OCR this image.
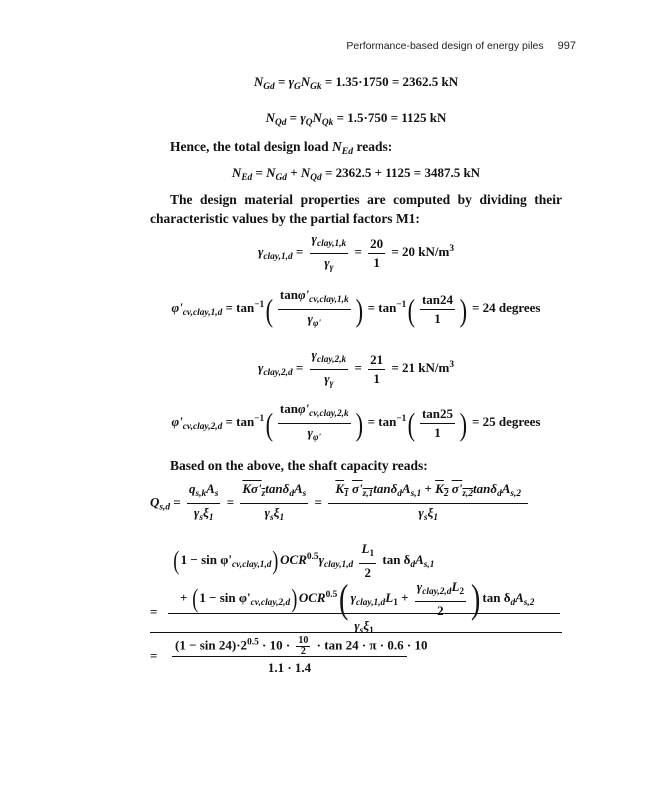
Performance-based design of energy piles 997
$N_{Gd} = \gamma_GN_{Gk} = 1.35\cdot 1750 = 2362.5$ kN
$N_{Qd} = \gamma_QN_{Qk} = 1.5\cdot 750 = 1125$ kN
Hence, the total design load $N_{Ed}$ reads:
$N_{Ed} = N_{Gd} + N_{Qd} = 2362.5 + 1125 = 3487.5$ kN
The design material properties are computed by dividing their characteristic values by the partial factors M1:
$\gamma_{clay,1,d} = \frac{\gamma_{clay,1,k}}{\gamma_\gamma} = \frac{20}{1} = 20$ $kN/m^3$
$\varphi'_{cv,clay,1,d} = \tan^{-1}( \frac{\tan\varphi'_{cv,clay,1,k}}{\gamma_{\varphi'}}$ ) = $\tan^{-1}( \frac{\tan 24}{1}$ ) = 24 degrees
$\gamma_{clay,2,d} = \frac{\gamma_{clay,2,k}}{\gamma_\gamma} = \frac{21}{1} = 21$ $kN/m^3$
$\varphi'_{cv,clay,2,d} = \tan^{-1}( \frac{\tan\varphi'_{cv,clay,2,k}}{\gamma_{\varphi'}}$ ) = $\tan^{-1}( \frac{\tan 25}{1}$ ) = 25 degrees
Based on the above, the shaft capacity reads:
$Q_{s,d} = \frac{q_{s,k}A_s}{\gamma_s\xi_1} = \frac{K\sigma'_z\tan\delta_dA_s}{\gamma_s\xi_1} = \frac{K_1 \sigma'_{z,1}\tan\delta_dA_{s,1} + K_2 \sigma'_{z,2}\tan\delta_dA_{s,2}}{\gamma_s\xi_1}$
$(1 - \sin \varphi'_{cv,clay,1,d})OCR^{0.5}\gamma_{clay,1,d} \frac{L_1}{2}$ $\tan \delta_dA_{s,1}$
+ $(1 - \sin \varphi'_{cv,clay,2,d})OCR^{0.5}$( $\gamma_{clay,1,d}L_1 + \frac{\gamma_{clay,2,d}L_2}{2}$ ) $\tan \delta_dA_{s,2}$
=
$\gamma_s\xi_1$
$(1 - \sin 24)\cdot 2^{0.5} \cdot 10 \cdot \frac{10}{2} \cdot \tan 24 \cdot \pi \cdot 0.6 \cdot 10$
=
1.1 · 1.4
